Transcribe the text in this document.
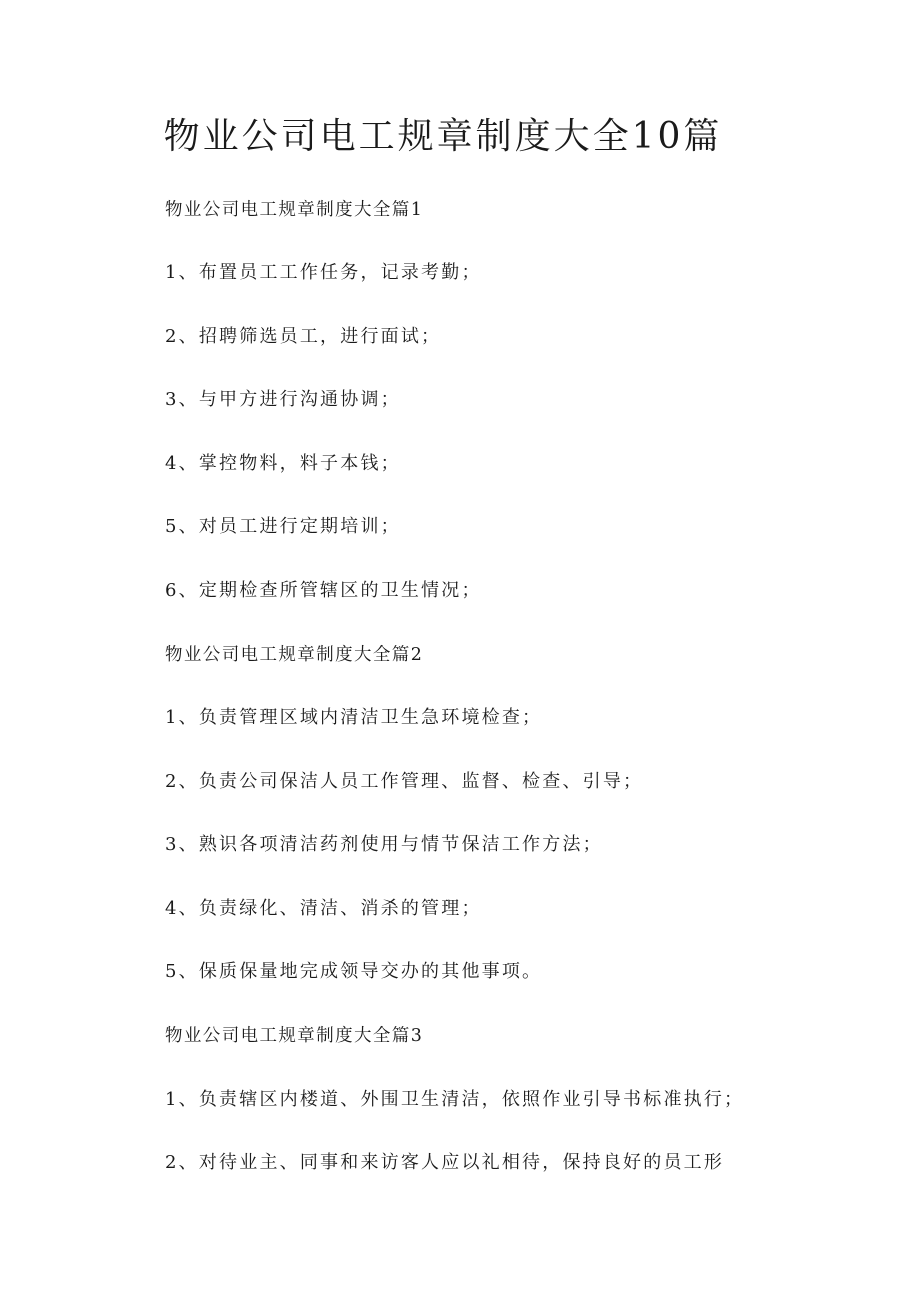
物业公司电工规章制度大全10篇

物业公司电工规章制度大全篇1

1、布置员工工作任务，记录考勤；

2、招聘筛选员工，进行面试；

3、与甲方进行沟通协调；

4、掌控物料，料子本钱；

5、对员工进行定期培训；

6、定期检查所管辖区的卫生情况；

物业公司电工规章制度大全篇2

1、负责管理区域内清洁卫生急环境检查；

2、负责公司保洁人员工作管理、监督、检查、引导；

3、熟识各项清洁药剂使用与情节保洁工作方法；

4、负责绿化、清洁、消杀的管理；

5、保质保量地完成领导交办的其他事项。

物业公司电工规章制度大全篇3

1、负责辖区内楼道、外围卫生清洁，依照作业引导书标准执行；

2、对待业主、同事和来访客人应以礼相待，保持良好的员工形
